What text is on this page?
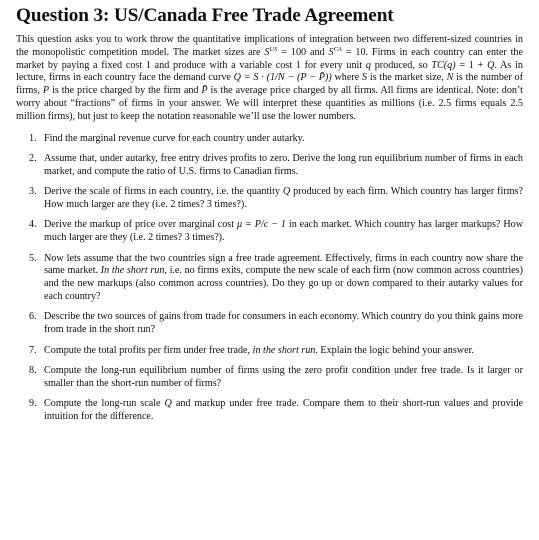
Question 3: US/Canada Free Trade Agreement

This question asks you to work throw the quantitative implications of integration between two different-sized countries in the monopolistic competition model. The market sizes are $S^{US} = 100$ and $S^{CA} = 10$. Firms in each country can enter the market by paying a fixed cost 1 and produce with a variable cost 1 for every unit q produced, so TC(q) = 1 + Q. As in lecture, firms in each country face the demand curve Q = S · (1/N − (P − P̄)) where S is the market size, N is the number of firms, P is the price charged by the firm and P̄ is the average price charged by all firms. All firms are identical. Note: don’t worry about “fractions” of firms in your answer. We will interpret these quantities as millions (i.e. 2.5 firms equals 2.5 million firms), but just to keep the notation reasonable we’ll use the lower numbers.

1. Find the marginal revenue curve for each country under autarky.
2. Assume that, under autarky, free entry drives profits to zero. Derive the long run equilibrium number of firms in each market, and compute the ratio of U.S. firms to Canadian firms.
3. Derive the scale of firms in each country, i.e. the quantity Q produced by each firm. Which country has larger firms? How much larger are they (i.e. 2 times? 3 times?).
4. Derive the markup of price over marginal cost μ = P/c − 1 in each market. Which country has larger markups? How much larger are they (i.e. 2 times? 3 times?).
5. Now lets assume that the two countries sign a free trade agreement. Effectively, firms in each country now share the same market. In the short run, i.e. no firms exits, compute the new scale of each firm (now common across countries) and the new markups (also common across countries). Do they go up or down compared to their autarky values for each country?
6. Describe the two sources of gains from trade for consumers in each economy. Which country do you think gains more from trade in the short run?
7. Compute the total profits per firm under free trade, in the short run. Explain the logic behind your answer.
8. Compute the long-run equilibrium number of firms using the zero profit condition under free trade. Is it larger or smaller than the short-run number of firms?
9. Compute the long-run scale Q and markup under free trade. Compare them to their short-run values and provide intuition for the difference.
